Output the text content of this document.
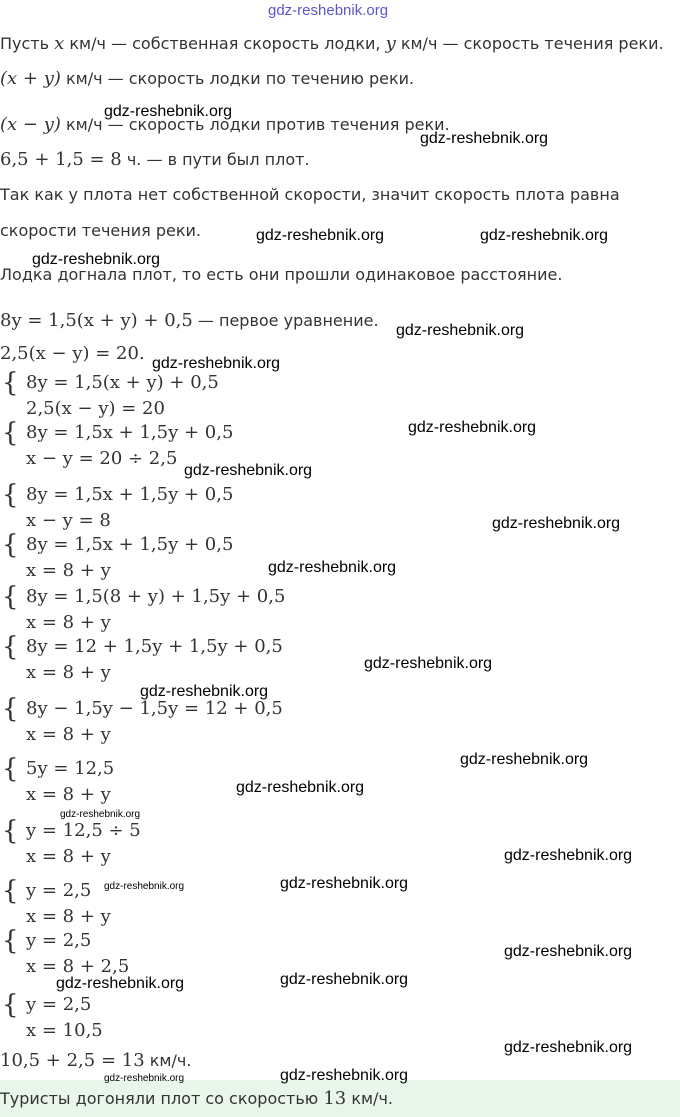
gdz-reshebnik.org
Пусть x км/ч — собственная скорость лодки, y км/ч — скорость течения реки.
(x + y) км/ч — скорость лодки по течению реки.
(x − y) км/ч — скорость лодки против течения реки.
6,5 + 1,5 = 8 ч. — в пути был плот.
Так как у плота нет собственной скорости, значит скорость плота равна
скорости течения реки.
Лодка догнала плот, то есть они прошли одинаковое расстояние.
8y = 1,5(x + y) + 0,5 — первое уравнение.
2,5(x − y) = 20.
{ 8y = 1,5(x + y) + 0,5
2,5(x − y) = 20
{ 8y = 1,5x + 1,5y + 0,5
x − y = 20 ÷ 2,5
{ 8y = 1,5x + 1,5y + 0,5
x − y = 8
{ 8y = 1,5x + 1,5y + 0,5
x = 8 + y
{ 8y = 1,5(8 + y) + 1,5y + 0,5
x = 8 + y
{ 8y = 12 + 1,5y + 1,5y + 0,5
x = 8 + y
{ 8y − 1,5y − 1,5y = 12 + 0,5
x = 8 + y
{ 5y = 12,5
x = 8 + y
{ y = 12,5 ÷ 5
x = 8 + y
{ y = 2,5
x = 8 + y
{ y = 2,5
x = 8 + 2,5
{ y = 2,5
x = 10,5
10,5 + 2,5 = 13 км/ч.
Туристы догоняли плот со скоростью 13 км/ч.
gdz-reshebnik.org
gdz-reshebnik.org
gdz-reshebnik.org	gdz-reshebnik.org
gdz-reshebnik.org
gdz-reshebnik.org
gdz-reshebnik.org
gdz-reshebnik.org
gdz-reshebnik.org
gdz-reshebnik.org
gdz-reshebnik.org
gdz-reshebnik.org
gdz-reshebnik.org
gdz-reshebnik.org
gdz-reshebnik.org
gdz-reshebnik.org
gdz-reshebnik.org
gdz-reshebnik.org	gdz-reshebnik.org
gdz-reshebnik.org
gdz-reshebnik.org	gdz-reshebnik.org
gdz-reshebnik.org
gdz-reshebnik.org	gdz-reshebnik.org
